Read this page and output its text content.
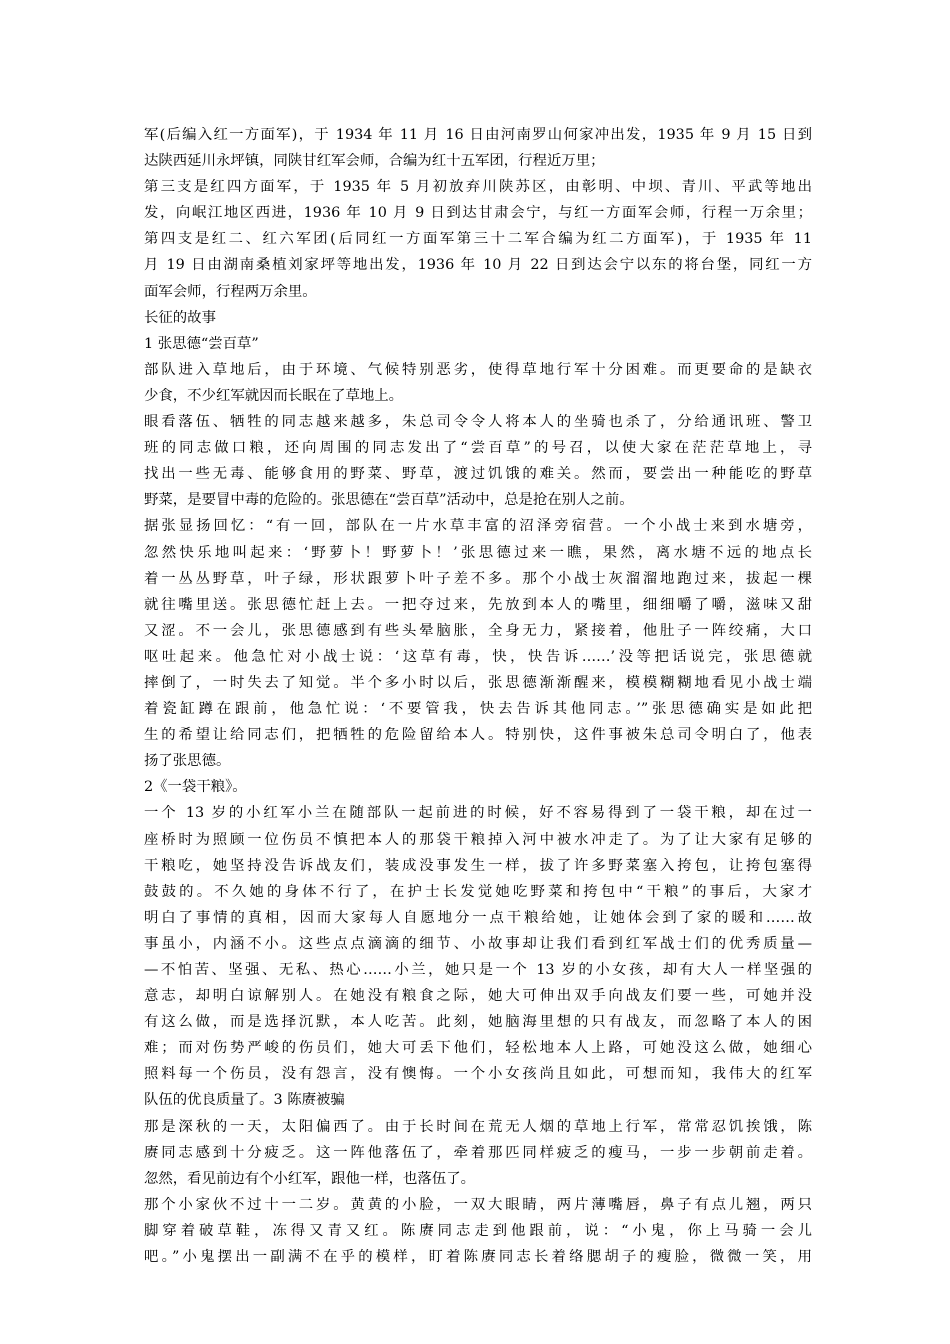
军(后编入红一方面军)，于 1934 年 11 月 16 日由河南罗山何家冲出发，1935 年 9 月 15 日到
达陕西延川永坪镇，同陕甘红军会师，合编为红十五军团，行程近万里；
第三支是红四方面军，于 1935 年 5 月初放弃川陕苏区，由彰明、中坝、青川、平武等地出
发，向岷江地区西进，1936 年 10 月 9 日到达甘肃会宁，与红一方面军会师，行程一万余里；
第四支是红二、红六军团(后同红一方面军第三十二军合编为红二方面军)，于 1935 年 11
月 19 日由湖南桑植刘家坪等地出发，1936 年 10 月 22 日到达会宁以东的将台堡，同红一方
面军会师，行程两万余里。
长征的故事
1 张思德“尝百草”
部队进入草地后，由于环境、气候特别恶劣，使得草地行军十分困难。而更要命的是缺衣
少食，不少红军就因而长眠在了草地上。
眼看落伍、牺牲的同志越来越多，朱总司令令人将本人的坐骑也杀了，分给通讯班、警卫
班的同志做口粮，还向周围的同志发出了“尝百草”的号召，以使大家在茫茫草地上，寻
找出一些无毒、能够食用的野菜、野草，渡过饥饿的难关。然而，要尝出一种能吃的野草
野菜，是要冒中毒的危险的。张思德在“尝百草”活动中，总是抢在别人之前。
据张显扬回忆：“有一回，部队在一片水草丰富的沼泽旁宿营。一个小战士来到水塘旁，
忽然快乐地叫起来：‘野萝卜！野萝卜！’张思德过来一瞧，果然，离水塘不远的地点长
着一丛丛野草，叶子绿，形状跟萝卜叶子差不多。那个小战士灰溜溜地跑过来，拔起一棵
就往嘴里送。张思德忙赶上去。一把夺过来，先放到本人的嘴里，细细嚼了嚼，滋味又甜
又涩。不一会儿，张思德感到有些头晕脑胀，全身无力，紧接着，他肚子一阵绞痛，大口
呕吐起来。他急忙对小战士说：‘这草有毒，快，快告诉……’没等把话说完，张思德就
摔倒了，一时失去了知觉。半个多小时以后，张思德渐渐醒来，模模糊糊地看见小战士端
着瓷缸蹲在跟前，他急忙说：‘不要管我，快去告诉其他同志。’”张思德确实是如此把
生的希望让给同志们，把牺牲的危险留给本人。特别快，这件事被朱总司令明白了，他表
扬了张思德。
2《一袋干粮》。
一个 13 岁的小红军小兰在随部队一起前进的时候，好不容易得到了一袋干粮，却在过一
座桥时为照顾一位伤员不慎把本人的那袋干粮掉入河中被水冲走了。为了让大家有足够的
干粮吃，她坚持没告诉战友们，装成没事发生一样，拔了许多野菜塞入挎包，让挎包塞得
鼓鼓的。不久她的身体不行了，在护士长发觉她吃野菜和挎包中“干粮”的事后，大家才
明白了事情的真相，因而大家每人自愿地分一点干粮给她，让她体会到了家的暖和……故
事虽小，内涵不小。这些点点滴滴的细节、小故事却让我们看到红军战士们的优秀质量—
—不怕苦、坚强、无私、热心……小兰，她只是一个 13 岁的小女孩，却有大人一样坚强的
意志，却明白谅解别人。在她没有粮食之际，她大可伸出双手向战友们要一些，可她并没
有这么做，而是选择沉默，本人吃苦。此刻，她脑海里想的只有战友，而忽略了本人的困
难；而对伤势严峻的伤员们，她大可丢下他们，轻松地本人上路，可她没这么做，她细心
照料每一个伤员，没有怨言，没有懊悔。一个小女孩尚且如此，可想而知，我伟大的红军
队伍的优良质量了。3 陈赓被骗
那是深秋的一天，太阳偏西了。由于长时间在荒无人烟的草地上行军，常常忍饥挨饿，陈
赓同志感到十分疲乏。这一阵他落伍了，牵着那匹同样疲乏的瘦马，一步一步朝前走着。
忽然，看见前边有个小红军，跟他一样，也落伍了。
那个小家伙不过十一二岁。黄黄的小脸，一双大眼睛，两片薄嘴唇，鼻子有点儿翘，两只
脚穿着破草鞋，冻得又青又红。陈赓同志走到他跟前，说：“小鬼，你上马骑一会儿
吧。”小鬼摆出一副满不在乎的模样，盯着陈赓同志长着络腮胡子的瘦脸，微微一笑，用
